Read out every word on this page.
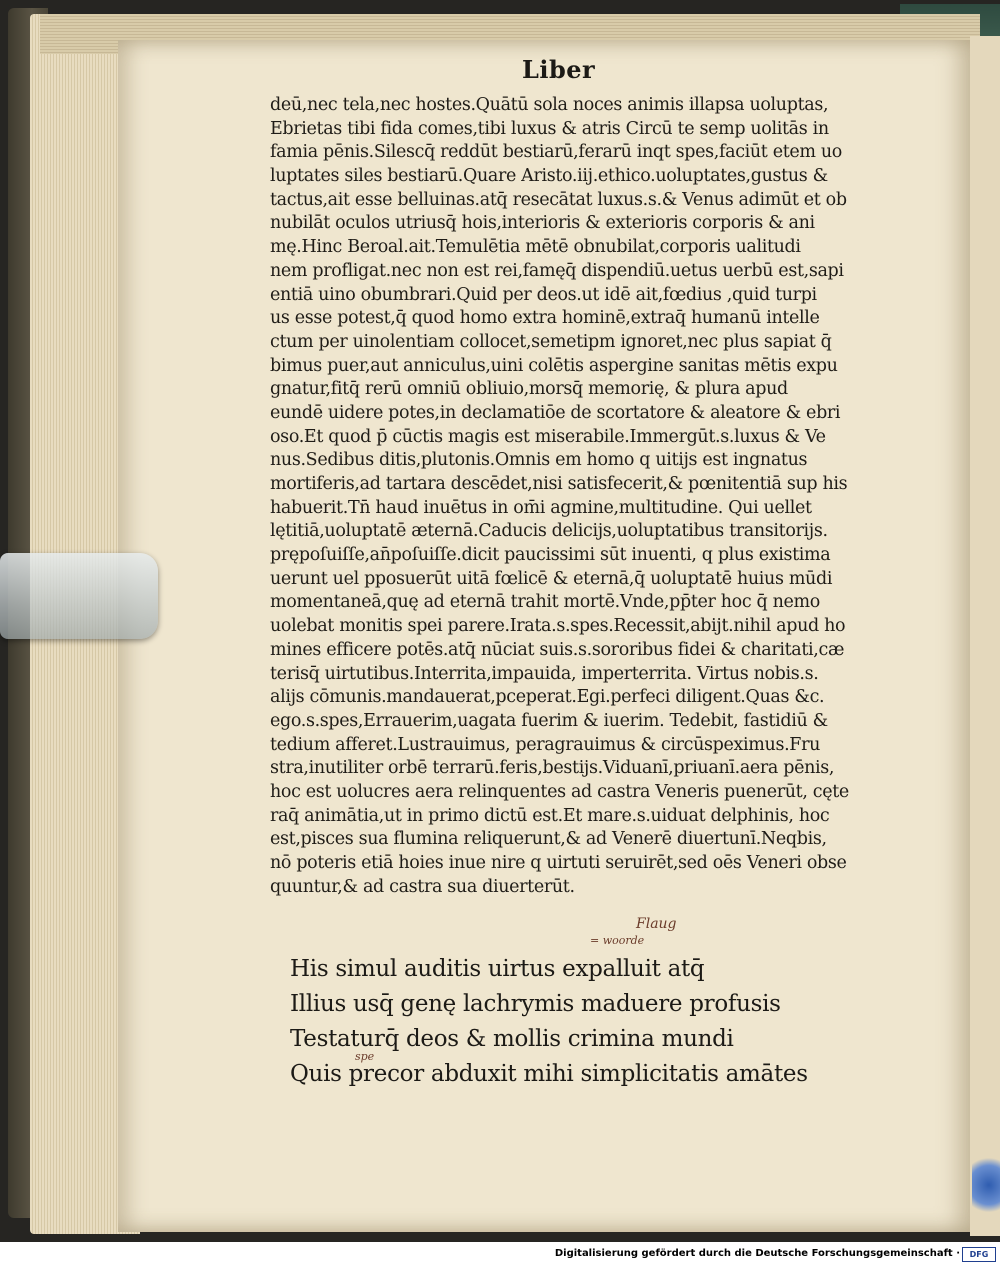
Liber
deū,nec tela,nec hostes.Quātū sola noces animis illapsa uoluptas,
Ebrietas tibi fida comes,tibi luxus & atris Circū te semp uolitās in
famia pēnis.Silescq̄ reddūt bestiarū,ferarū inqt spes,faciūt etem uo
luptates siles bestiarū.Quare Aristo.iij.ethico.uoluptates,gustus &
tactus,ait esse belluinas.atq̄ resecātat luxus.s.& Venus adimūt et ob
nubilāt oculos utriusq̄ hois,interioris & exterioris corporis & ani
mę.Hinc Beroal.ait.Temulētia mētē obnubilat,corporis ualitudi
nem profligat.nec non est rei,famęq̄ dispendiū.uetus uerbū est,sapi
entiā uino obumbrari.Quid per deos.ut idē ait,fœdius ,quid turpi
us esse potest,q̄ quod homo extra hominē,extraq̄ humanū intelle
ctum per uinolentiam collocet,semetipm ignoret,nec plus sapiat q̄
bimus puer,aut anniculus,uini colētis aspergine sanitas mētis expu
gnatur,fitq̄ rerū omniū obliuio,morsq̄ memorię, & plura apud
eundē uidere potes,in declamatiōe de scortatore & aleatore & ebri
oso.Et quod p̄ cūctis magis est miserabile.Immergūt.s.luxus & Ve
nus.Sedibus ditis,plutonis.Omnis em homo q uitijs est ingnatus
mortiferis,ad tartara descēdet,nisi satisfecerit,& pœnitentiā sup his
habuerit.Tn̄ haud inuētus in om̄i agmine,multitudine. Qui uellet
lętitiā,uoluptatē æternā.Caducis delicijs,uoluptatibus transitorijs.
prępoſuiſſe,an̄poſuiſſe.dicit paucissimi sūt inuenti, q plus existima
uerunt uel pposuerūt uitā fœlicē & eternā,q̄ uoluptatē huius mūdi
momentaneā,quę ad eternā trahit mortē.Vnde,pp̄ter hoc q̄ nemo
uolebat monitis spei parere.Irata.s.spes.Recessit,abijt.nihil apud ho
mines efficere potēs.atq̄ nūciat suis.s.sororibus fidei & charitati,cæ
terisq̄ uirtutibus.Interrita,impauida, imperterrita. Virtus nobis.s.
alijs cōmunis.mandauerat,pceperat.Egi.perfeci diligent.Quas &c.
ego.s.spes,Errauerim,uagata fuerim & iuerim. Tedebit, fastidiū &
tedium afferet.Lustrauimus, peragrauimus & circūspeximus.Fru
stra,inutiliter orbē terrarū.feris,bestijs.Viduanī,priuanī.aera pēnis,
hoc est uolucres aera relinquentes ad castra Veneris puenerūt, cęte
raq̄ animātia,ut in primo dictū est.Et mare.s.uiduat delphinis, hoc
est,pisces sua flumina reliquerunt,& ad Venerē diuertunī.Neqbis,
nō poteris etiā hoies inue nire q uirtuti seruirēt,sed oēs Veneri obse
quuntur,& ad castra sua diuerterūt.
Flaug
= woorde
spe
His simul auditis uirtus expalluit atq̄
Illius usq̄ genę lachrymis maduere profusis
Testaturq̄ deos & mollis crimina mundi
Quis precor abduxit mihi simplicitatis amātes
Digitalisierung gefördert durch die Deutsche Forschungsgemeinschaft ·	DFG
